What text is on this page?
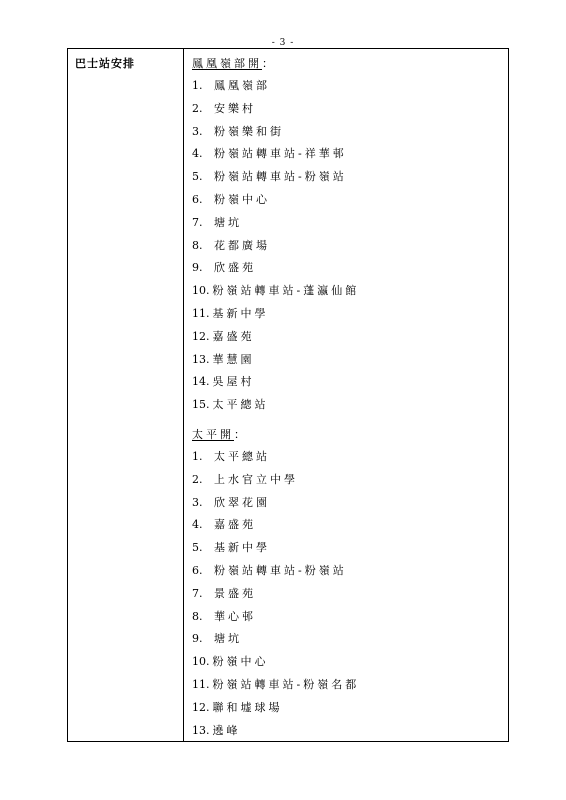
- 3 -
巴士站安排	鳳凰嶺部開：
1. 鳳凰嶺部
2. 安樂村
3. 粉嶺樂和街
4. 粉嶺站轉車站-祥華邨
5. 粉嶺站轉車站-粉嶺站
6. 粉嶺中心
7. 塘坑
8. 花都廣場
9. 欣盛苑
10. 粉嶺站轉車站-蓬瀛仙館
11. 基新中學
12. 嘉盛苑
13. 華慧園
14. 吳屋村
15. 太平總站
太平開：
1. 太平總站
2. 上水官立中學
3. 欣翠花園
4. 嘉盛苑
5. 基新中學
6. 粉嶺站轉車站-粉嶺站
7. 景盛苑
8. 華心邨
9. 塘坑
10. 粉嶺中心
11. 粉嶺站轉車站-粉嶺名都
12. 聯和墟球場
13. 遶峰
